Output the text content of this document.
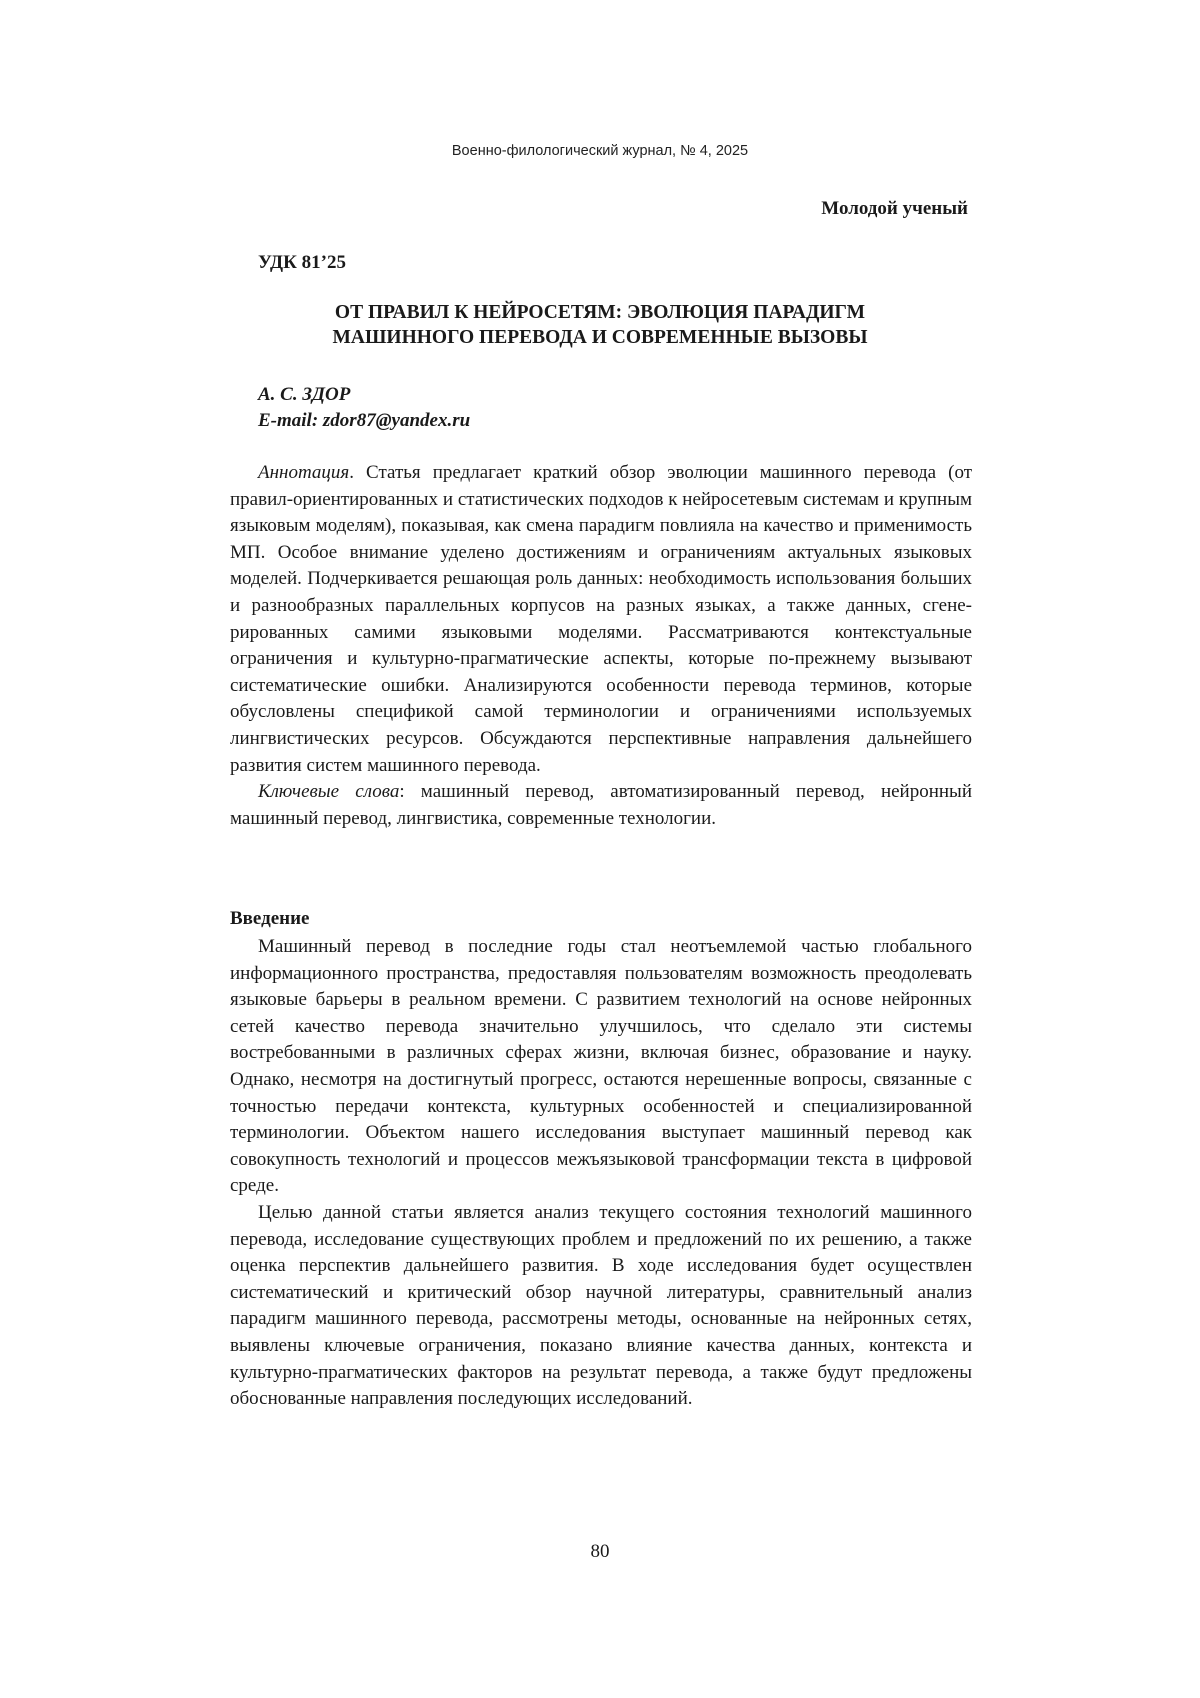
Военно-филологический журнал, № 4, 2025
Молодой ученый
УДК 81’25
ОТ ПРАВИЛ К НЕЙРОСЕТЯМ: ЭВОЛЮЦИЯ ПАРАДИГМ
МАШИННОГО ПЕРЕВОДА И СОВРЕМЕННЫЕ ВЫЗОВЫ
А. С. ЗДОР
E-mail: zdor87@yandex.ru

Аннотация. Статья предлагает краткий обзор эволюции машинного перевода (от правил-ориентированных и статистических подходов к нейросетевым системам и крупным языковым моделям), показывая, как смена парадигм повлияла на качество и применимость МП. Особое внимание уделено достижениям и ограничениям актуальных языковых моделей. Подчеркивается решающая роль данных: необходимость использования больших и разнообразных параллельных корпусов на разных языках, а также данных, сгенерированных самими языковыми моделями. Рассматриваются контекстуальные ограничения и культурно-прагматические аспекты, которые по-прежнему вызывают систематические ошибки. Анализируются особенности перевода терминов, которые обусловлены спецификой самой терминологии и ограничениями используемых лингвистических ресурсов. Обсуждаются перспективные направления дальнейшего развития систем машинного перевода.

Ключевые слова: машинный перевод, автоматизированный перевод, нейронный машинный перевод, лингвистика, современные технологии.

Введение

Машинный перевод в последние годы стал неотъемлемой частью глобального информационного пространства, предоставляя пользователям возможность преодолевать языковые барьеры в реальном времени. С развитием технологий на основе нейронных сетей качество перевода значительно улучшилось, что сделало эти системы востребованными в различных сферах жизни, включая бизнес, образование и науку. Однако, несмотря на достигнутый прогресс, остаются нерешенные вопросы, связанные с точностью передачи контекста, культурных особенностей и специализированной терминологии. Объектом нашего исследования выступает машинный перевод как совокупность технологий и процессов межъязыковой трансформации текста в цифровой среде.

Целью данной статьи является анализ текущего состояния технологий машинного перевода, исследование существующих проблем и предложений по их решению, а также оценка перспектив дальнейшего развития. В ходе исследования будет осуществлен систематический и критический обзор научной литературы, сравнительный анализ парадигм машинного перевода, рассмотрены методы, основанные на нейронных сетях, выявлены ключевые ограничения, показано влияние качества данных, контекста и культурно-прагматических факторов на результат перевода, а также будут предложены обоснованные направления последующих исследований.

80
